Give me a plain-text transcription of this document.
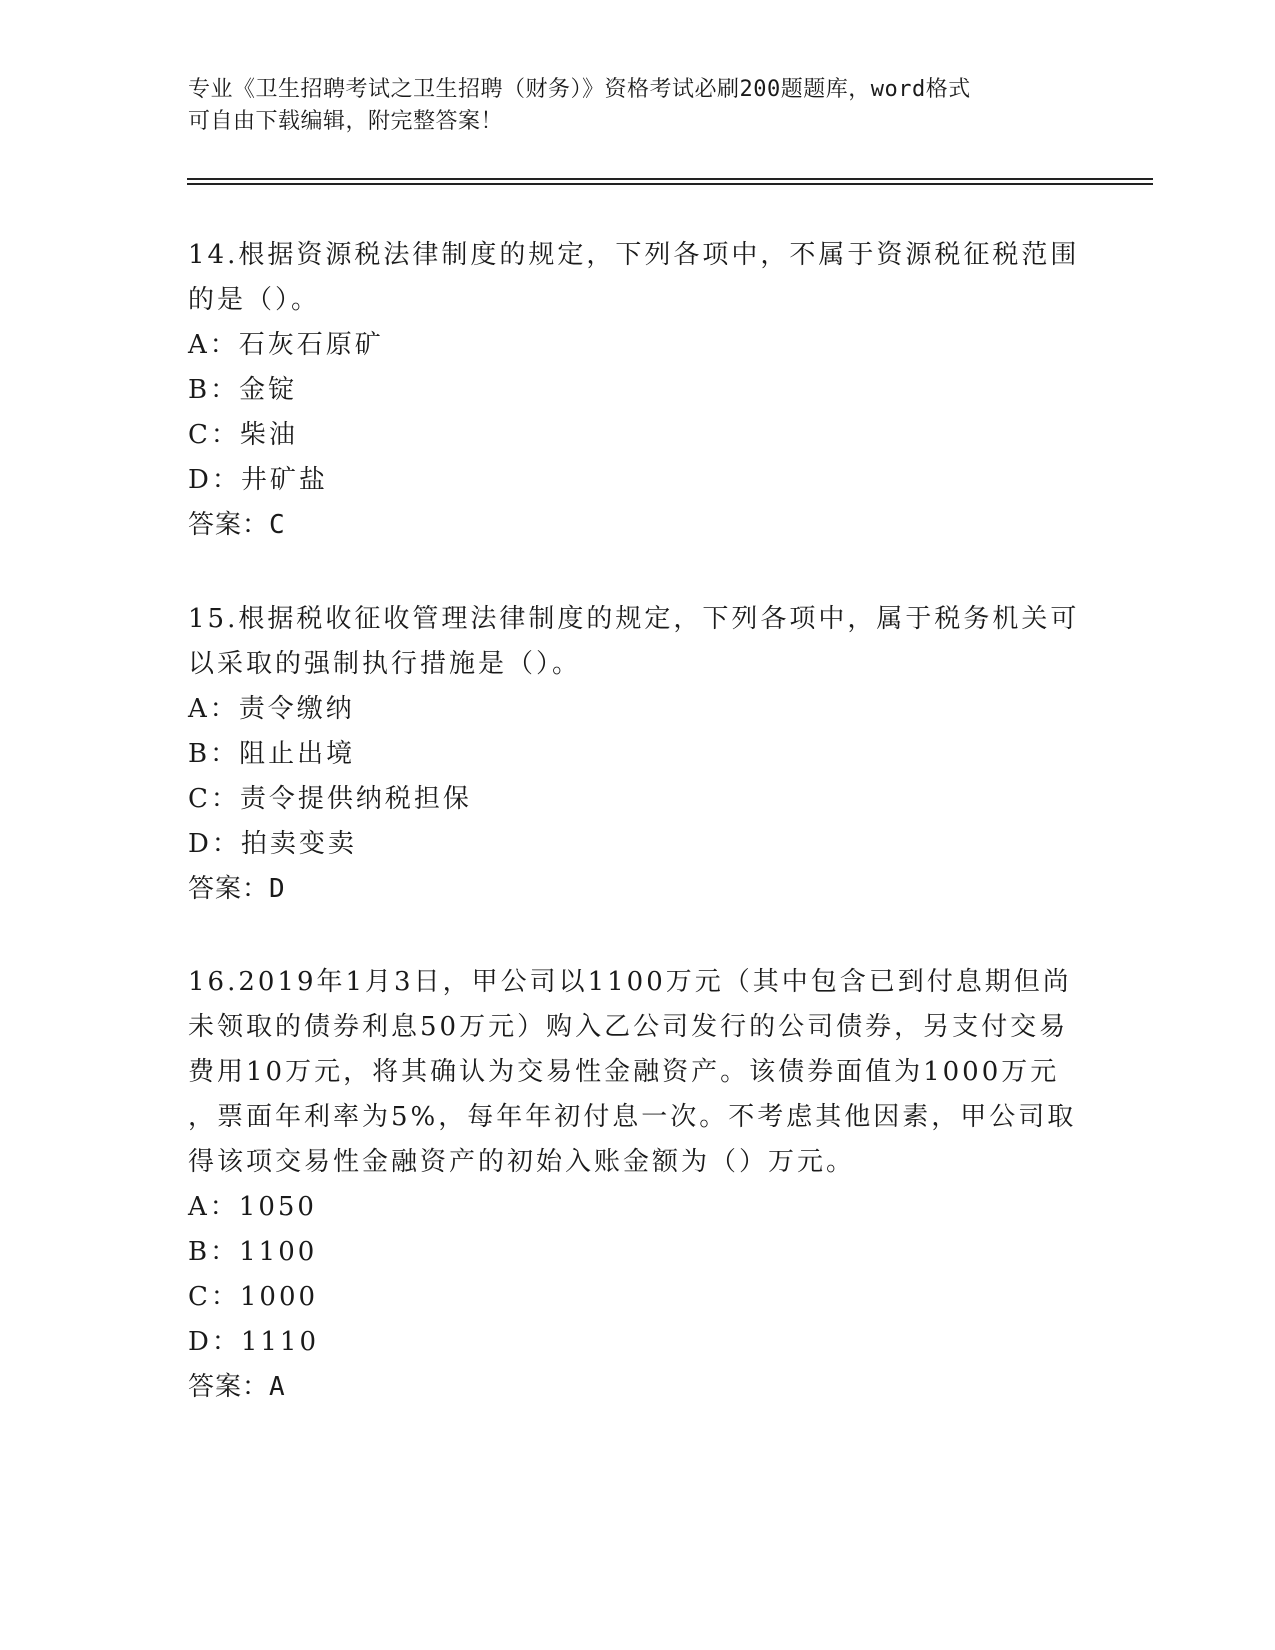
专业《卫生招聘考试之卫生招聘（财务）》资格考试必刷200题题库，word格式
可自由下载编辑，附完整答案！
14.根据资源税法律制度的规定，下列各项中，不属于资源税征税范围
的是（）。
A：石灰石原矿
B：金锭
C：柴油
D：井矿盐
答案：C
15.根据税收征收管理法律制度的规定，下列各项中，属于税务机关可
以采取的强制执行措施是（）。
A：责令缴纳
B：阻止出境
C：责令提供纳税担保
D：拍卖变卖
答案：D
16.2019年1月3日，甲公司以1100万元（其中包含已到付息期但尚
未领取的债券利息50万元）购入乙公司发行的公司债券，另支付交易
费用10万元，将其确认为交易性金融资产。该债券面值为1000万元
，票面年利率为5%，每年年初付息一次。不考虑其他因素，甲公司取
得该项交易性金融资产的初始入账金额为（）万元。
A：1050
B：1100
C：1000
D：1110
答案：A
